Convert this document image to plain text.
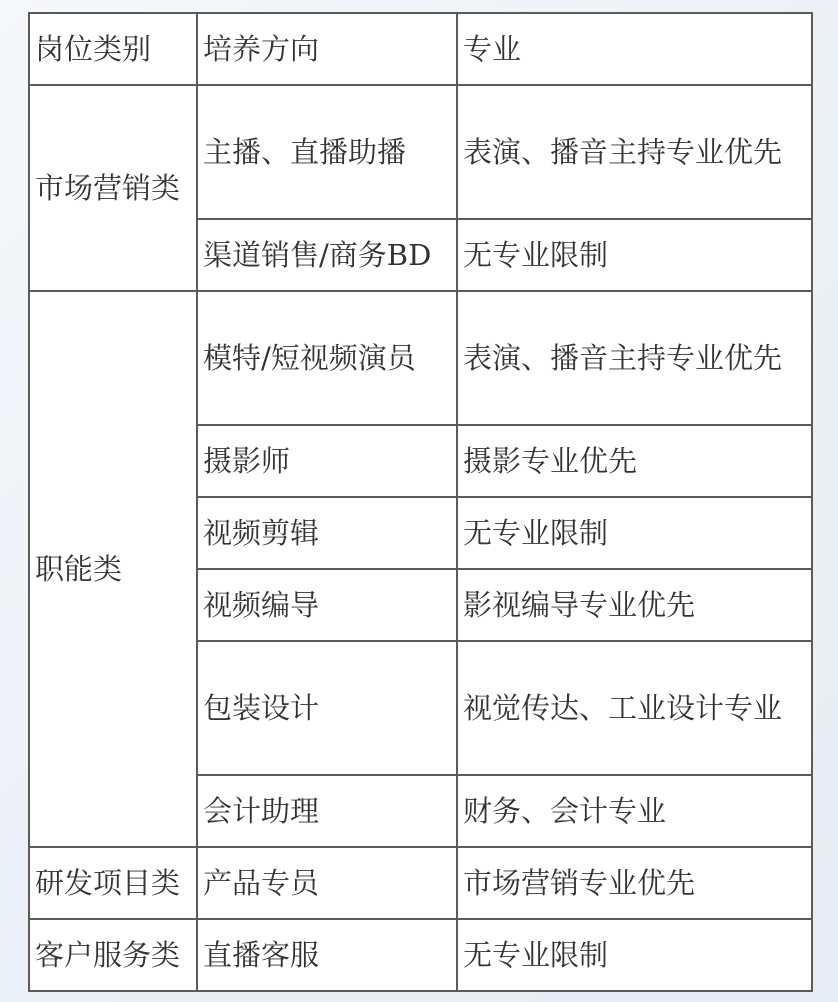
岗位类别	培养方向	专业
市场营销类	主播、直播助播	表演、播音主持专业优先
	渠道销售/商务BD	无专业限制
职能类	模特/短视频演员	表演、播音主持专业优先
	摄影师	摄影专业优先
	视频剪辑	无专业限制
	视频编导	影视编导专业优先
	包装设计	视觉传达、工业设计专业
	会计助理	财务、会计专业
研发项目类	产品专员	市场营销专业优先
客户服务类	直播客服	无专业限制
